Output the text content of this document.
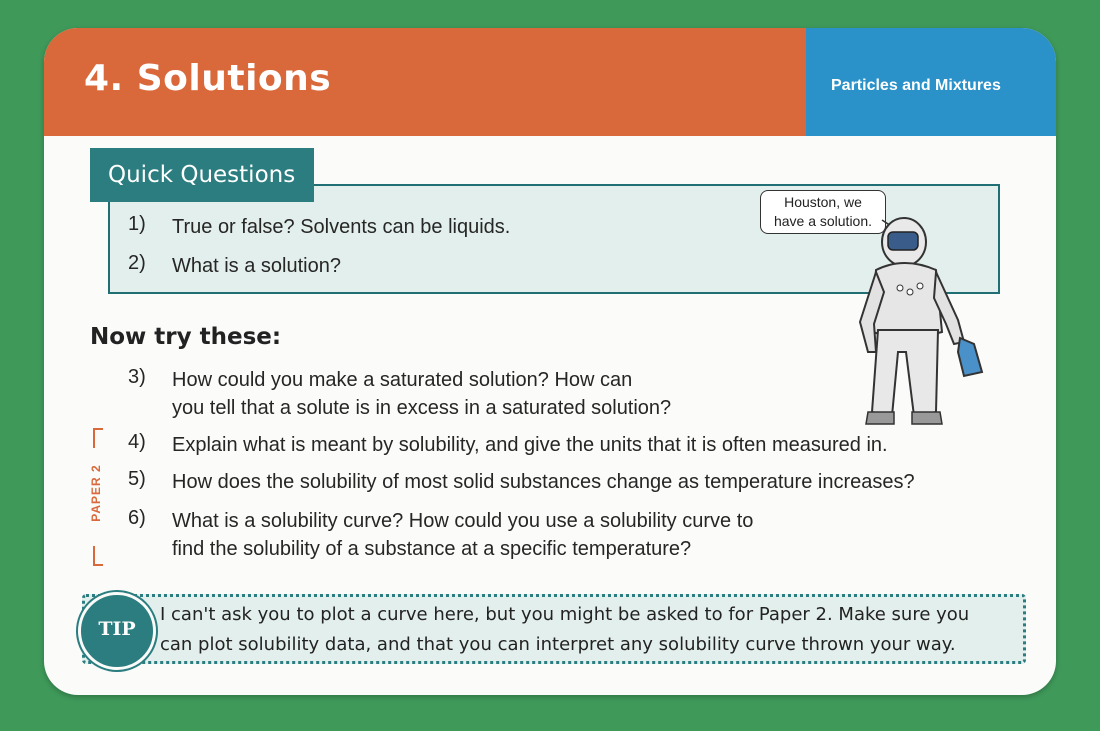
4. Solutions	Particles and Mixtures
Quick Questions
1) True or false? Solvents can be liquids.
2) What is a solution?
Houston, we
have a solution.
Now try these:
3) How could you make a saturated solution? How can
you tell that a solute is in excess in a saturated solution?
4) Explain what is meant by solubility, and give the units that it is often measured in.
5) How does the solubility of most solid substances change as temperature increases?
6) What is a solubility curve? How could you use a solubility curve to
find the solubility of a substance at a specific temperature?
PAPER 2
TIP
I can't ask you to plot a curve here, but you might be asked to for Paper 2. Make sure you
can plot solubility data, and that you can interpret any solubility curve thrown your way.
